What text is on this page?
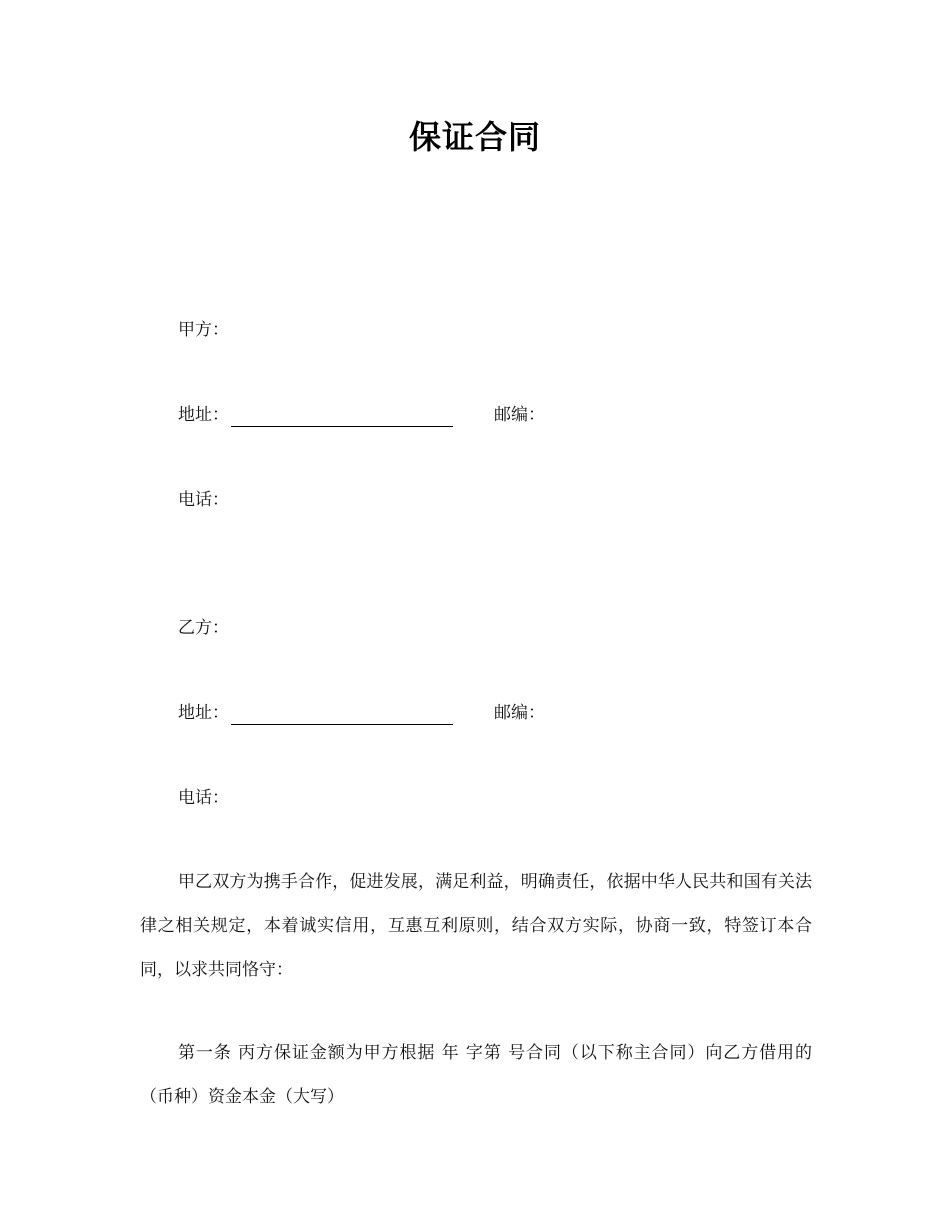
保证合同
甲方：
地址：	邮编：
电话：
乙方：
地址：	邮编：
电话：
甲乙双方为携手合作，促进发展，满足利益，明确责任，依据中华人民共和国有关法律之相关规定，本着诚实信用，互惠互利原则，结合双方实际，协商一致，特签订本合同，以求共同恪守：
第一条 丙方保证金额为甲方根据 年 字第 号合同（以下称主合同）向乙方借用的 （币种）资金本金（大写）
